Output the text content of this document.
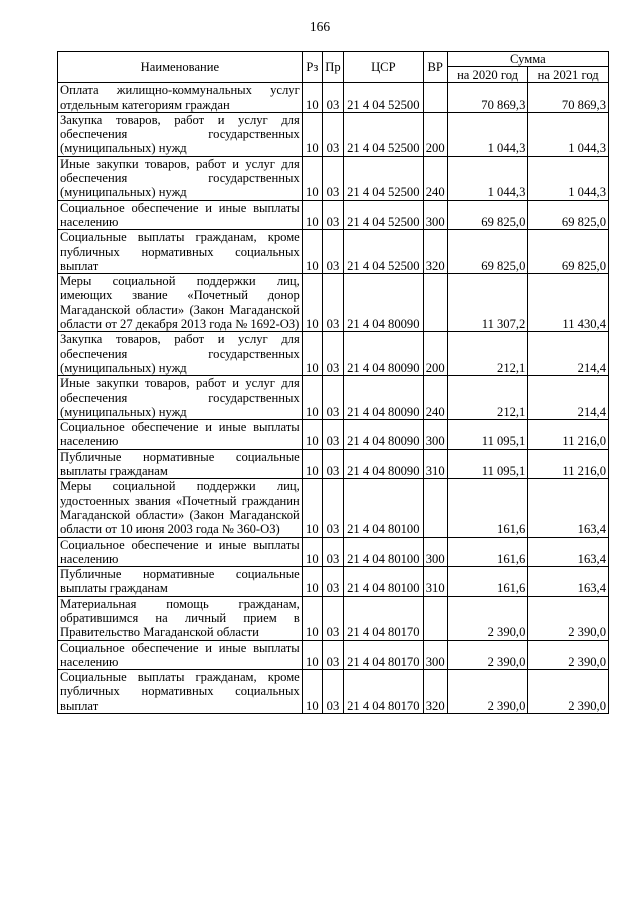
166
Наименование	Рз	Пр	ЦСР	ВР	Сумма	
					на 2020 год	на 2021 год
Оплата жилищно-коммунальных услуг отдельным категориям граждан	10	03	21 4 04 52500		70 869,3	70 869,3
Закупка товаров, работ и услуг для обеспечения государственных (муниципальных) нужд	10	03	21 4 04 52500	200	1 044,3	1 044,3
Иные закупки товаров, работ и услуг для обеспечения государственных (муниципальных) нужд	10	03	21 4 04 52500	240	1 044,3	1 044,3
Социальное обеспечение и иные выплаты населению	10	03	21 4 04 52500	300	69 825,0	69 825,0
Социальные выплаты гражданам, кроме публичных нормативных социальных выплат	10	03	21 4 04 52500	320	69 825,0	69 825,0
Меры социальной поддержки лиц, имеющих звание «Почетный донор Магаданской области» (Закон Магаданской области от 27 декабря 2013 года № 1692-ОЗ)	10	03	21 4 04 80090		11 307,2	11 430,4
Закупка товаров, работ и услуг для обеспечения государственных (муниципальных) нужд	10	03	21 4 04 80090	200	212,1	214,4
Иные закупки товаров, работ и услуг для обеспечения государственных (муниципальных) нужд	10	03	21 4 04 80090	240	212,1	214,4
Социальное обеспечение и иные выплаты населению	10	03	21 4 04 80090	300	11 095,1	11 216,0
Публичные нормативные социальные выплаты гражданам	10	03	21 4 04 80090	310	11 095,1	11 216,0
Меры социальной поддержки лиц, удостоенных звания «Почетный гражданин Магаданской области» (Закон Магаданской области от 10 июня 2003 года № 360-ОЗ)	10	03	21 4 04 80100		161,6	163,4
Социальное обеспечение и иные выплаты населению	10	03	21 4 04 80100	300	161,6	163,4
Публичные нормативные социальные выплаты гражданам	10	03	21 4 04 80100	310	161,6	163,4
Материальная помощь гражданам, обратившимся на личный прием в Правительство Магаданской области	10	03	21 4 04 80170		2 390,0	2 390,0
Социальное обеспечение и иные выплаты населению	10	03	21 4 04 80170	300	2 390,0	2 390,0
Социальные выплаты гражданам, кроме публичных нормативных социальных выплат	10	03	21 4 04 80170	320	2 390,0	2 390,0
